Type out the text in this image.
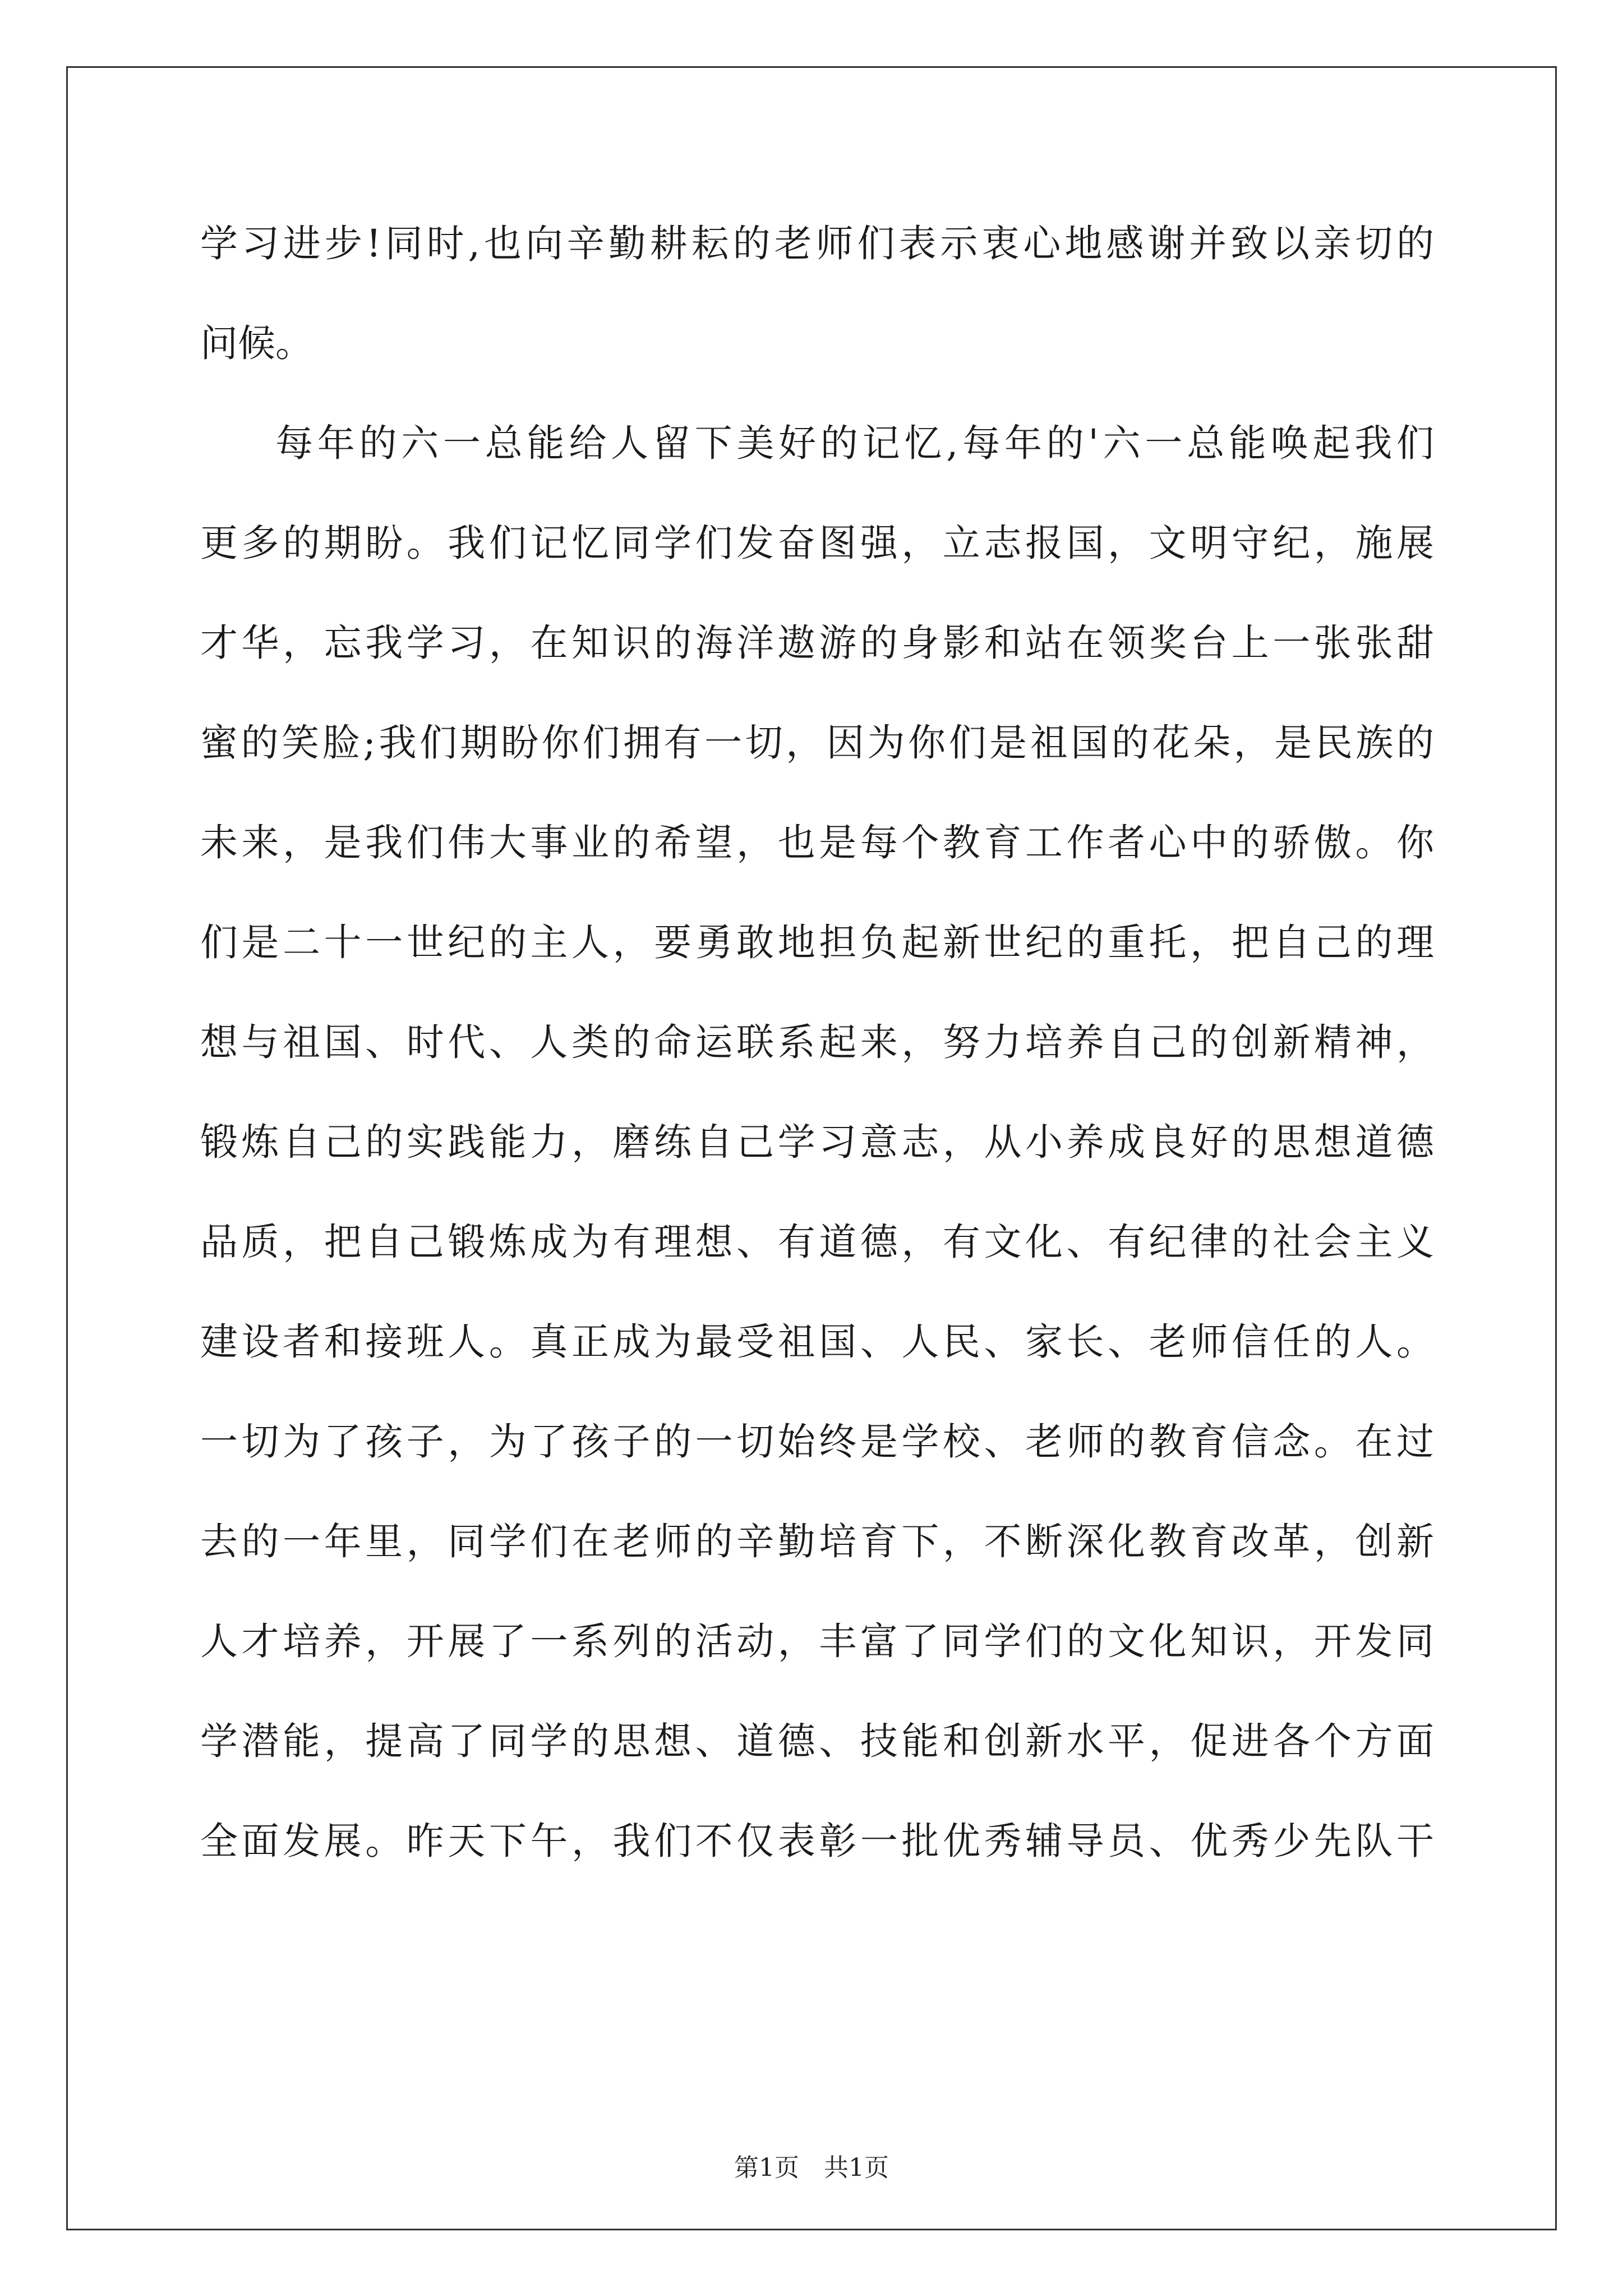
学习进步!同时,也向辛勤耕耘的老师们表示衷心地感谢并致以亲切的
问候。
每年的六一总能给人留下美好的记忆,每年的'六一总能唤起我们
更多的期盼。我们记忆同学们发奋图强，立志报国，文明守纪，施展
才华，忘我学习，在知识的海洋遨游的身影和站在领奖台上一张张甜
蜜的笑脸;我们期盼你们拥有一切，因为你们是祖国的花朵，是民族的
未来，是我们伟大事业的希望，也是每个教育工作者心中的骄傲。你
们是二十一世纪的主人，要勇敢地担负起新世纪的重托，把自己的理
想与祖国、时代、人类的命运联系起来，努力培养自己的创新精神，
锻炼自己的实践能力，磨练自己学习意志，从小养成良好的思想道德
品质，把自己锻炼成为有理想、有道德，有文化、有纪律的社会主义
建设者和接班人。真正成为最受祖国、人民、家长、老师信任的人。
一切为了孩子，为了孩子的一切始终是学校、老师的教育信念。在过
去的一年里，同学们在老师的辛勤培育下，不断深化教育改革，创新
人才培养，开展了一系列的活动，丰富了同学们的文化知识，开发同
学潜能，提高了同学的思想、道德、技能和创新水平，促进各个方面
全面发展。昨天下午，我们不仅表彰一批优秀辅导员、优秀少先队干
第1页　共1页
